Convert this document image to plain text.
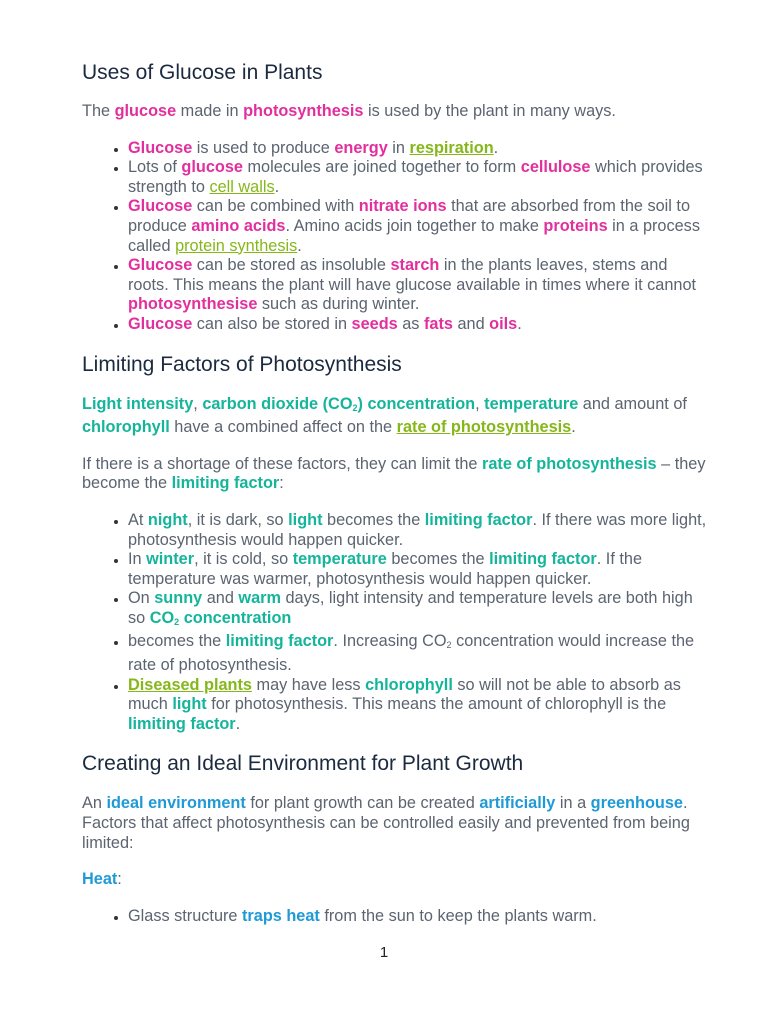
Uses of Glucose in Plants

The glucose made in photosynthesis is used by the plant in many ways.

• Glucose is used to produce energy in respiration.
• Lots of glucose molecules are joined together to form cellulose which provides strength to cell walls.
• Glucose can be combined with nitrate ions that are absorbed from the soil to produce amino acids. Amino acids join together to make proteins in a process called protein synthesis.
• Glucose can be stored as insoluble starch in the plants leaves, stems and roots. This means the plant will have glucose available in times where it cannot photosynthesise such as during winter.
• Glucose can also be stored in seeds as fats and oils.
Limiting Factors of Photosynthesis

Light intensity, carbon dioxide $(CO_2)$ concentration, temperature and amount of chlorophyll have a combined affect on the rate of photosynthesis.

If there is a shortage of these factors, they can limit the rate of photosynthesis – they become the limiting factor:

• At night, it is dark, so light becomes the limiting factor. If there was more light, photosynthesis would happen quicker.
• In winter, it is cold, so temperature becomes the limiting factor. If the temperature was warmer, photosynthesis would happen quicker.
• On sunny and warm days, light intensity and temperature levels are both high so $CO_2$ concentration
• becomes the limiting factor. Increasing $CO_2$ concentration would increase the rate of photosynthesis.
• Diseased plants may have less chlorophyll so will not be able to absorb as much light for photosynthesis. This means the amount of chlorophyll is the limiting factor.
Creating an Ideal Environment for Plant Growth

An ideal environment for plant growth can be created artificially in a greenhouse. Factors that affect photosynthesis can be controlled easily and prevented from being limited:

Heat:

• Glass structure traps heat from the sun to keep the plants warm.
1
